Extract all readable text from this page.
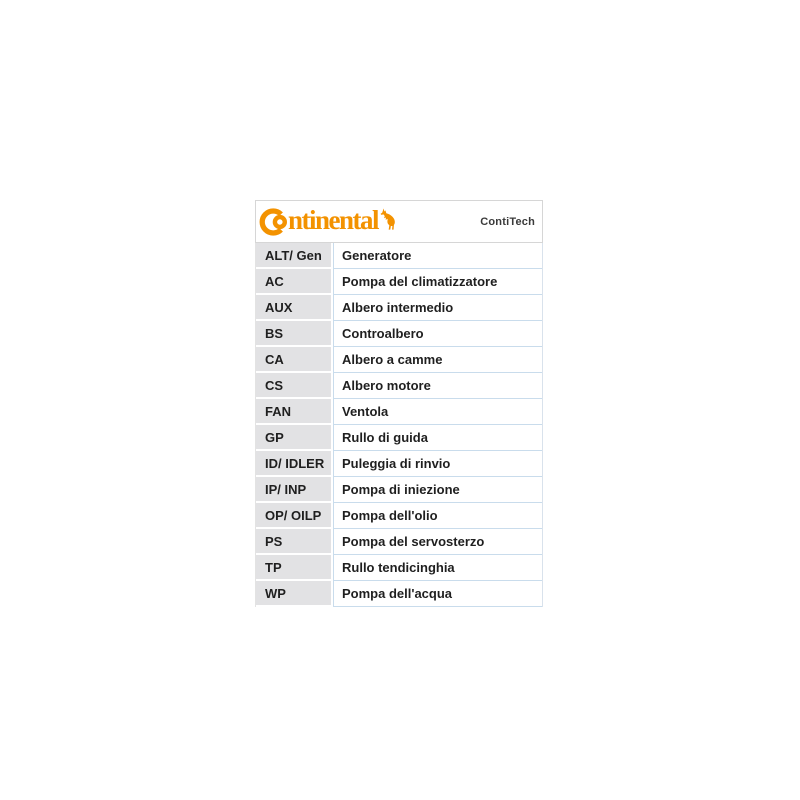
ntinental	ContiTech
ALT/ Gen	Generatore
AC	Pompa del climatizzatore
AUX	Albero intermedio
BS	Controalbero
CA	Albero a camme
CS	Albero motore
FAN	Ventola
GP	Rullo di guida
ID/ IDLER	Puleggia di rinvio
IP/ INP	Pompa di iniezione
OP/ OILP	Pompa dell'olio
PS	Pompa del servosterzo
TP	Rullo tendicinghia
WP	Pompa dell'acqua
